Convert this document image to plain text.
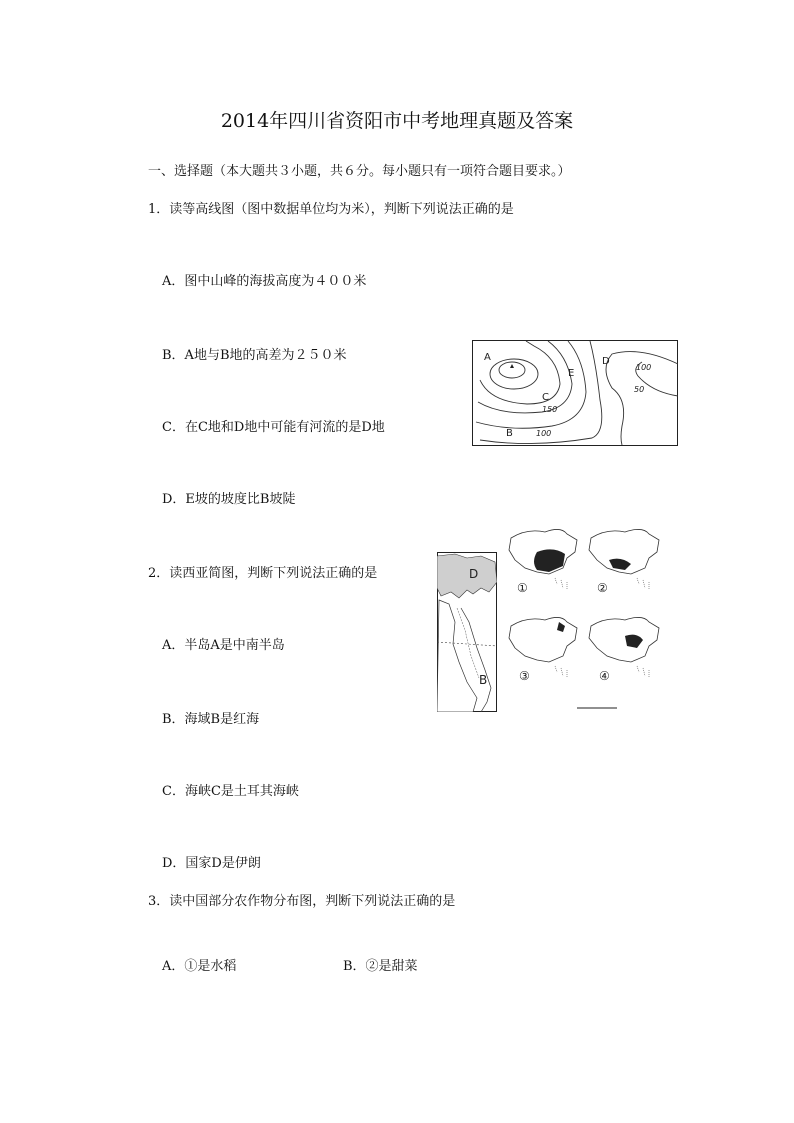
2014年四川省资阳市中考地理真题及答案
一、选择题（本大题共３小题，共６分。每小题只有一项符合题目要求。）
1．读等高线图（图中数据单位均为米），判断下列说法正确的是
A．图中山峰的海拔高度为４００米
B．A地与B地的高差为２５０米
C．在C地和D地中可能有河流的是D地
D．E坡的坡度比B坡陡
2．读西亚简图，判断下列说法正确的是
A．半岛A是中南半岛
B．海域B是红海
C．海峡C是土耳其海峡
D．国家D是伊朗
3．读中国部分农作物分布图，判断下列说法正确的是
A．①是水稻	B．②是甜菜
A
B
C
D
E
100
150
100
50
D
B
①	②
③	④
